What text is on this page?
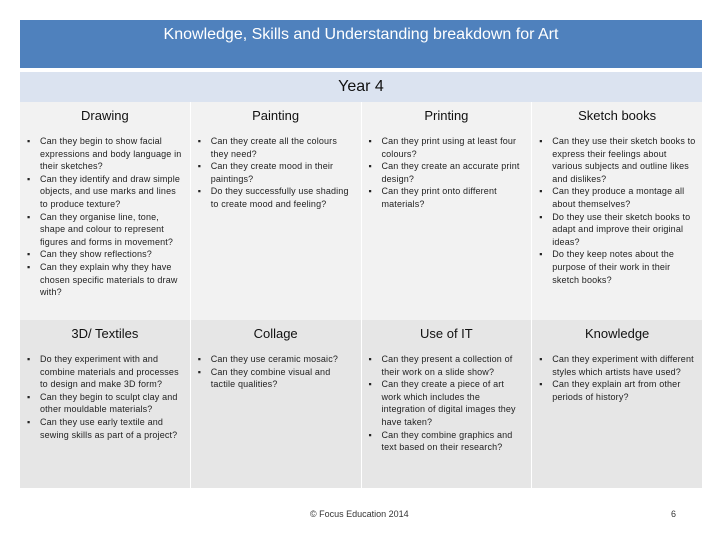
Knowledge, Skills and Understanding breakdown for Art
Year 4
Drawing
▪ Can they begin to show facial expressions and body language in their sketches?
▪ Can they identify and draw simple objects, and use marks and lines to produce texture?
▪ Can they organise line, tone, shape and colour to represent figures and forms in movement?
▪ Can they show reflections?
▪ Can they explain why they have chosen specific materials to draw with?
Painting
▪ Can they create all the colours they need?
▪ Can they create mood in their paintings?
▪ Do they successfully use shading to create mood and feeling?
Printing
▪ Can they print using at least four colours?
▪ Can they create an accurate print design?
▪ Can they print onto different materials?
Sketch books
▪ Can they use their sketch books to express their feelings about various subjects and outline likes and dislikes?
▪ Can they produce a montage all about themselves?
▪ Do they use their sketch books to adapt and improve their original ideas?
▪ Do they keep notes about the purpose of their work in their sketch books?
3D/ Textiles
▪ Do they experiment with and combine materials and processes to design and make 3D form?
▪ Can they begin to sculpt clay and other mouldable materials?
▪ Can they use early textile and sewing skills as part of a project?
Collage
▪ Can they use ceramic mosaic?
▪ Can they combine visual and tactile qualities?
Use of IT
▪ Can they present a collection of their work on a slide show?
▪ Can they create a piece of art work which includes the integration of digital images they have taken?
▪ Can they combine graphics and text based on their research?
Knowledge
▪ Can they experiment with different styles which artists have used?
▪ Can they explain art from other periods of history?
© Focus Education 2014	6
